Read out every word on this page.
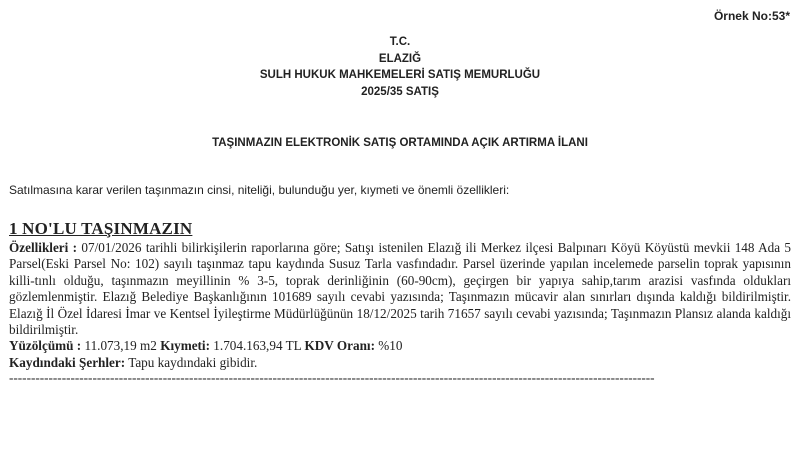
Örnek No:53*
T.C.
ELAZIĞ
SULH HUKUK MAHKEMELERİ SATIŞ MEMURLUĞU
2025/35 SATIŞ
TAŞINMAZIN ELEKTRONİK SATIŞ ORTAMINDA AÇIK ARTIRMA İLANI
Satılmasına karar verilen taşınmazın cinsi, niteliği, bulunduğu yer, kıymeti ve önemli özellikleri:
1 NO'LU TAŞINMAZIN

Özellikleri : 07/01/2026 tarihli bilirkişilerin raporlarına göre; Satışı istenilen Elazığ ili Merkez ilçesi Balpınarı Köyü Köyüstü mevkii 148 Ada 5 Parsel(Eski Parsel No: 102) sayılı taşınmaz tapu kaydında Susuz Tarla vasfındadır. Parsel üzerinde yapılan incelemede parselin toprak yapısının killi-tınlı olduğu, taşınmazın meyillinin % 3-5, toprak derinliğinin (60-90cm), geçirgen bir yapıya sahip,tarım arazisi vasfında oldukları gözlemlenmiştir. Elazığ Belediye Başkanlığının 101689 sayılı cevabi yazısında; Taşınmazın mücavir alan sınırları dışında kaldığı bildirilmiştir. Elazığ İl Özel İdaresi İmar ve Kentsel İyileştirme Müdürlüğünün 18/12/2025 tarih 71657 sayılı cevabi yazısında; Taşınmazın Plansız alanda kaldığı bildirilmiştir.

Yüzölçümü : 11.073,19 m2 Kıymeti: 1.704.163,94 TL KDV Oranı: %10

Kaydındaki Şerhler: Tapu kaydındaki gibidir.

---------------------------------------------------------------------------------------------------------------------------------------------------
